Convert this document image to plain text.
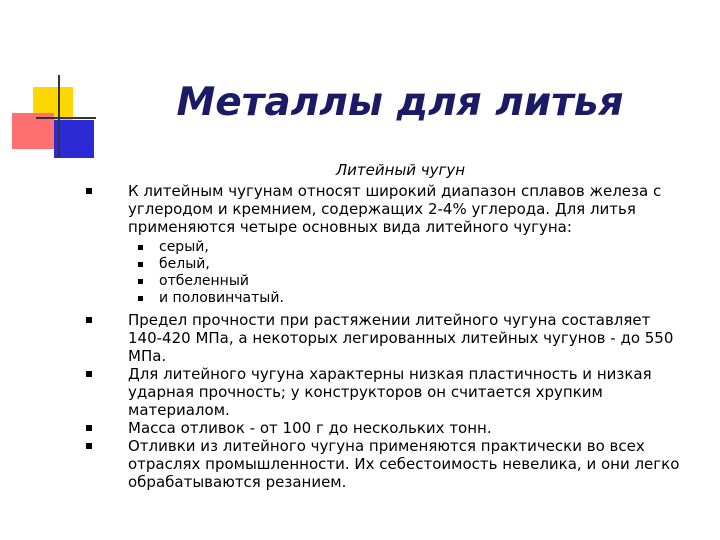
Металлы для литья
Литейный чугун
К литейным чугунам относят широкий диапазон сплавов железа с углеродом и кремнием, содержащих 2-4% углерода. Для литья применяются четыре основных вида литейного чугуна:
серый,
белый,
отбеленный
и половинчатый.
Предел прочности при растяжении литейного чугуна составляет 140-420 МПа, а некоторых легированных литейных чугунов - до 550 МПа.
Для литейного чугуна характерны низкая пластичность и низкая ударная прочность; у конструкторов он считается хрупким материалом.
Масса отливок - от 100 г до нескольких тонн.
Отливки из литейного чугуна применяются практически во всех отраслях промышленности. Их себестоимость невелика, и они легко обрабатываются резанием.
